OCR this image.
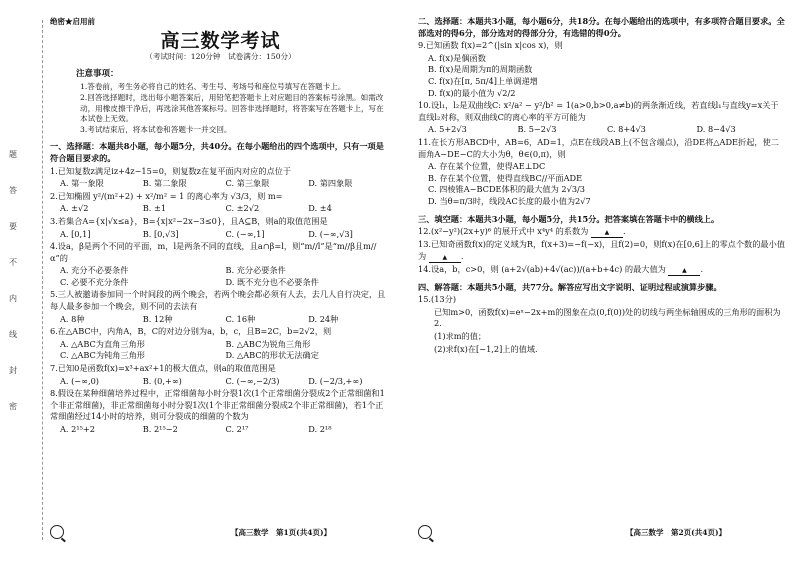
题
答
要
不
内
线
封
密
绝密★启用前
高三数学考试
（考试时间：120分钟　试卷满分：150分）
注意事项：

1.答卷前，考生务必将自己的姓名、考生号、考场号和座位号填写在答题卡上。

2.回答选择题时，选出每小题答案后，用铅笔把答题卡上对应题目的答案标号涂黑。如需改动，用橡皮擦干净后，再选涂其他答案标号。回答非选择题时，将答案写在答题卡上，写在本试卷上无效。

3.考试结束后，将本试卷和答题卡一并交回。

一、选择题：本题共8小题，每小题5分，共40分。在每小题给出的四个选项中，只有一项是符合题目要求的。
1.已知复数z满足iz+4z−15=0，则复数z在复平面内对应的点位于
A. 第一象限	B. 第二象限	C. 第三象限	D. 第四象限
2.已知椭圆 y²/(m²+2) + x²/m² = 1 的离心率为 √3/3，则 m=
A. ±√2	B. ±1	C. ±2√2	D. ±4
3.若集合A={x|√x≤a}，B={x|x²−2x−3≤0}，且A⊆B，则a的取值范围是
A. [0,1]	B. [0,√3]	C. (−∞,1]	D. (−∞,√3]
4.设a，β是两个不同的平面，m，l是两条不同的直线，且a∩β=l，则“m//l”是“m//β且m//α”的
A. 充分不必要条件	B. 充分必要条件
C. 必要不充分条件	D. 既不充分也不必要条件
5.三人被邀请参加同一个时间段的两个晚会，若两个晚会都必须有人去，去几人自行决定，且每人最多参加一个晚会，则不同的去法有
A. 8种	B. 12种	C. 16种	D. 24种
6.在△ABC中，内角A，B，C的对边分别为a，b，c，且B=2C，b=2√2，则
A. △ABC为直角三角形	B. △ABC为锐角三角形
C. △ABC为钝角三角形	D. △ABC的形状无法确定
7.已知0是函数f(x)=x³+ax²+1的极大值点，则a的取值范围是
A. (−∞,0)	B. (0,+∞)	C. (−∞,−2/3)	D. (−2/3,+∞)
8.假设在某种细菌培养过程中，正常细菌每小时分裂1次(1个正常细菌分裂成2个正常细菌和1个非正常细菌)，非正常细菌每小时分裂1次(1个非正常细菌分裂成2个非正常细菌)，若1个正常细菌经过14小时的培养，则可分裂成的细菌的个数为
A. 2¹⁵+2	B. 2¹⁵−2	C. 2¹⁷	D. 2¹⁸
【高三数学　第1页(共4页)】
二、选择题：本题共3小题，每小题6分，共18分。在每小题给出的选项中，有多项符合题目要求。全部选对的得6分，部分选对的得部分分，有选错的得0分。
9.已知函数 f(x)=2^(|sin x|cos x)，则
A. f(x)是偶函数
B. f(x)是周期为π的周期函数
C. f(x)在[π, 5π/4]上单调递增
D. f(x)的最小值为 √2/2
10.设l₁，l₂是双曲线C: x²/a² − y²/b² = 1(a>0,b>0,a≠b)的两条渐近线，若直线l₁与直线y=x关于直线l₂对称，则双曲线C的离心率的平方可能为
A. 5+2√3	B. 5−2√3	C. 8+4√3	D. 8−4√3
11.在长方形ABCD中，AB=6，AD=1，点E在线段AB上(不包含端点)，沿DE将△ADE折起，使二面角A−DE−C的大小为θ，θ∈(0,π)，则
A. 存在某个位置，使得AE⊥DC
B. 存在某个位置，使得直线BC//平面ADE
C. 四棱锥A−BCDE体积的最大值为 2√3/3
D. 当θ=π/3时，线段AC长度的最小值为2√7
三、填空题：本题共3小题，每小题5分，共15分。把答案填在答题卡中的横线上。
12.(x²−y²)(2x+y)⁶ 的展开式中 x⁴y⁴ 的系数为	▲ .
13.已知奇函数f(x)的定义域为R，f(x+3)=−f(−x)，且f(2)=0，则f(x)在[0,6]上的零点个数的最小值为	▲ .
14.设a，b，c>0，则 (a+2√(ab)+4√(ac))/(a+b+4c) 的最大值为	▲ .
四、解答题：本题共5小题，共77分。解答应写出文字说明、证明过程或演算步骤。
15.(13分)
已知m>0，函数f(x)=eˣ−2x+m的图象在点(0,f(0))处的切线与两坐标轴围成的三角形的面积为2.
(1)求m的值；
(2)求f(x)在[−1,2]上的值域.
【高三数学　第2页(共4页)】
